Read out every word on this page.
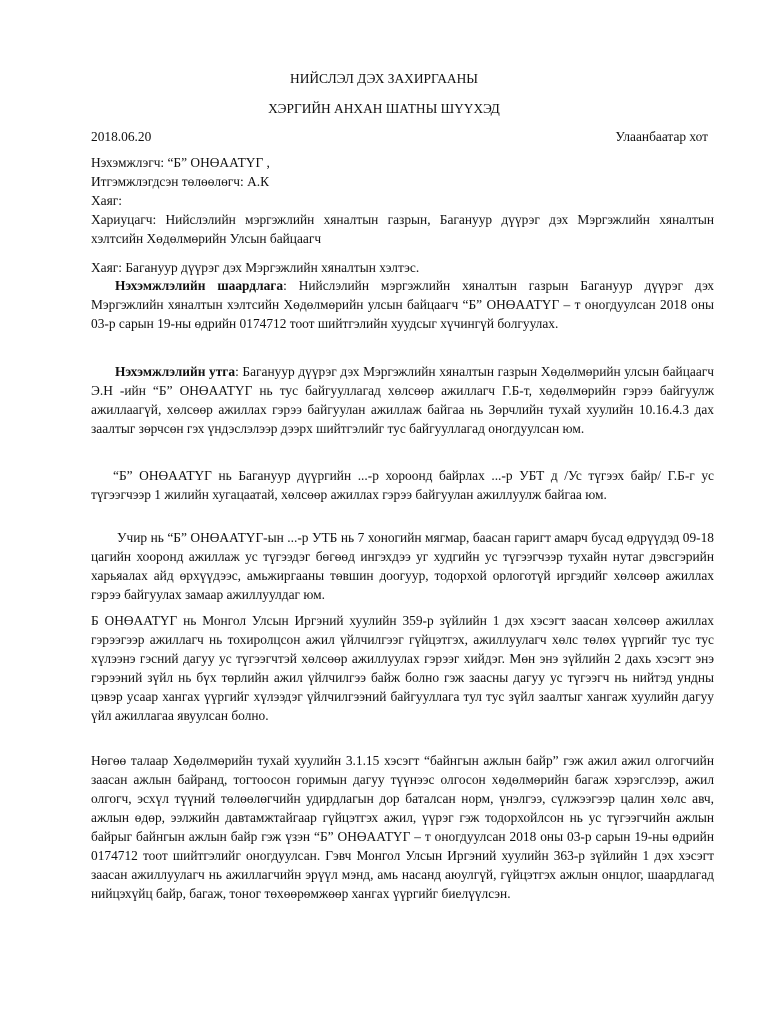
НИЙСЛЭЛ ДЭХ ЗАХИРГААНЫ
ХЭРГИЙН АНХАН ШАТНЫ ШҮҮХЭД
2018.06.20	Улаанбаатар хот
Нэхэмжлэгч: “Б” ОНӨААТҮГ ,
Итгэмжлэгдсэн төлөөлөгч: А.К
Хаяг:
Хариуцагч: Нийслэлийн мэргэжлийн хяналтын газрын, Багануур дүүрэг дэх Мэргэжлийн хяналтын хэлтсийн Хөдөлмөрийн Улсын байцаагч
Хаяг: Багануур дүүрэг дэх Мэргэжлийн хяналтын хэлтэс.

Нэхэмжлэлийн шаардлага: Нийслэлийн мэргэжлийн хяналтын газрын Багануур дүүрэг дэх Мэргэжлийн хяналтын хэлтсийн Хөдөлмөрийн улсын байцаагч “Б” ОНӨААТҮГ – т оногдуулсан 2018 оны 03-р сарын 19-ны өдрийн 0174712 тоот шийтгэлийн хуудсыг хүчингүй болгуулах.

Нэхэмжлэлийн утга: Багануур дүүрэг дэх Мэргэжлийн хяналтын газрын Хөдөлмөрийн улсын байцаагч Э.Н -ийн “Б” ОНӨААТҮГ нь тус байгууллагад хөлсөөр ажиллагч Г.Б-т, хөдөлмөрийн гэрээ байгуулж ажиллаагүй, хөлсөөр ажиллах гэрээ байгуулан ажиллаж байгаа нь Зөрчлийн тухай хуулийн 10.16.4.3 дах заалтыг зөрчсөн гэх үндэслэлээр дээрх шийтгэлийг тус байгууллагад оногдуулсан юм.

“Б” ОНӨААТҮГ нь Багануур дүүргийн ...-р хороонд байрлах ...-р УБТ д /Ус түгээх байр/ Г.Б-г ус түгээгчээр 1 жилийн хугацаатай, хөлсөөр ажиллах гэрээ байгуулан ажиллуулж байгаа юм.

Учир нь “Б” ОНӨААТҮГ-ын ...-р УТБ нь 7 хоногийн мягмар, баасан гаригт амарч бусад өдрүүдэд 09-18 цагийн хооронд ажиллаж ус түгээдэг бөгөөд ингэхдээ уг худгийн ус түгээгчээр тухайн нутаг дэвсгэрийн харьяалах айд өрхүүдээс, амьжиргааны төвшин доогуур, тодорхой орлоготүй иргэдийг хөлсөөр ажиллах гэрээ байгуулах замаар ажиллуулдаг юм.

Б ОНӨААТҮГ нь Монгол Улсын Иргэний хуулийн 359-р зүйлийн 1 дэх хэсэгт заасан хөлсөөр ажиллах гэрээгээр ажиллагч нь тохиролцсон ажил үйлчилгээг гүйцэтгэх, ажиллуулагч хөлс төлөх үүргийг тус тус хүлээнэ гэсний дагуу ус түгээгчтэй хөлсөөр ажиллуулах гэрээг хийдэг. Мөн энэ зүйлийн 2 дахь хэсэгт энэ гэрээний зүйл нь бүх төрлийн ажил үйлчилгээ байж болно гэж заасны дагуу ус түгээгч нь нийтэд ундны цэвэр усаар хангах үүргийг хүлээдэг үйлчилгээний байгууллага тул тус зүйл заалтыг хангаж хуулийн дагуу үйл ажиллагаа явуулсан болно.

Нөгөө талаар Хөдөлмөрийн тухай хуулийн 3.1.15 хэсэгт “байнгын ажлын байр” гэж ажил ажил олгогчийн заасан ажлын байранд, тогтоосон горимын дагуу түүнээс олгосон хөдөлмөрийн багаж хэрэгслээр, ажил олгогч, эсхүл түүний төлөөлөгчийн удирдлагын дор баталсан норм, үнэлгээ, сүлжээгээр цалин хөлс авч, ажлын өдөр, ээлжийн давтамжтайгаар гүйцэтгэх ажил, үүрэг гэж тодорхойлсон нь ус түгээгчийн ажлын байрыг байнгын ажлын байр гэж үзэн “Б” ОНӨААТҮГ – т оногдуулсан 2018 оны 03-р сарын 19-ны өдрийн 0174712 тоот шийтгэлийг оногдуулсан. Гэвч Монгол Улсын Иргэний хуулийн 363-р зүйлийн 1 дэх хэсэгт заасан ажиллуулагч нь ажиллагчийн эрүүл мэнд, амь насанд аюулгүй, гүйцэтгэх ажлын онцлог, шаардлагад нийцэхүйц байр, багаж, тоног төхөөрөмжөөр хангах үүргийг биелүүлсэн.
